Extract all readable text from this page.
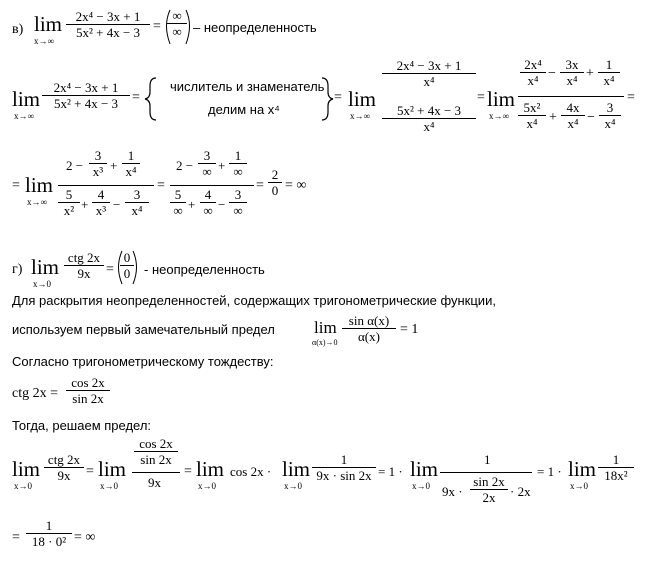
в) lim
x→∞
2x⁴ − 3x + 1
5x² + 4x − 3 =
∞
∞ – неопределенность
lim
x→∞
2x⁴ − 3x + 1
5x² + 4x − 3 =
числитель и знаменатель
делим на x⁴
= lim
x→∞
2x⁴ − 3x + 1
x⁴
5x² + 4x − 3
x⁴
= lim
x→∞
2x⁴
x⁴ −
3x
x⁴ +
1
x⁴
5x²
x⁴ +
4x
x⁴ −
3
x⁴
=
= lim
x→∞
2 −
3
x³ +
1
x⁴
5
x² +
4
x³ −
3
x⁴
=
2 −
3
∞ +
1
∞
5
∞ +
4
∞ −
3
∞
=
2
0 = ∞
г) lim
x→0
ctg 2x
9x	=
0
0 - неопределенность
Для раскрытия неопределенностей, содержащих тригонометрические функции,
используем первый замечательный предел lim
α(x)→0
sin α(x)
α(x)	= 1
Согласно тригонометрическому тождеству:
ctg 2x =
cos 2x
sin 2x
Тогда, решаем предел:
lim
x→0
ctg 2x
9x	= lim
x→0
cos 2x
sin 2x
9x
= lim
x→0
cos 2x · lim
x→0
1
9x · sin 2x = 1 · lim
x→0
1
9x ·
sin 2x
2x	· 2x
= 1 · lim
x→0
1
18x²
=
1
18 · 0² = ∞
